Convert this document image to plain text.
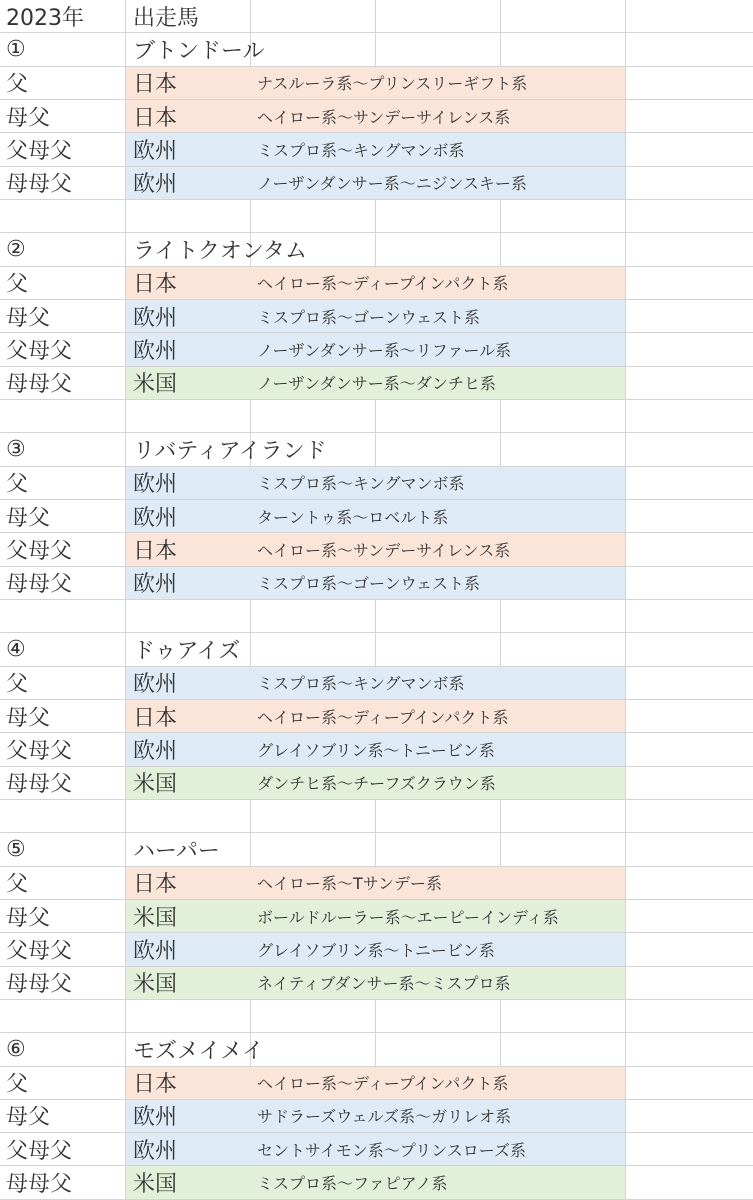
2023年	出走馬
①	ブトンドール
父	日本	ナスルーラ系〜プリンスリーギフト系
母父	日本	ヘイロー系〜サンデーサイレンス系
父母父	欧州	ミスプロ系〜キングマンボ系
母母父	欧州	ノーザンダンサー系〜ニジンスキー系
②	ライトクオンタム
父	日本	ヘイロー系〜ディープインパクト系
母父	欧州	ミスプロ系〜ゴーンウェスト系
父母父	欧州	ノーザンダンサー系〜リファール系
母母父	米国	ノーザンダンサー系〜ダンチヒ系
③	リバティアイランド
父	欧州	ミスプロ系〜キングマンボ系
母父	欧州	ターントゥ系〜ロベルト系
父母父	日本	ヘイロー系〜サンデーサイレンス系
母母父	欧州	ミスプロ系〜ゴーンウェスト系
④	ドゥアイズ
父	欧州	ミスプロ系〜キングマンボ系
母父	日本	ヘイロー系〜ディープインパクト系
父母父	欧州	グレイソブリン系〜トニービン系
母母父	米国	ダンチヒ系〜チーフズクラウン系
⑤	ハーパー
父	日本	ヘイロー系〜Tサンデー系
母父	米国	ボールドルーラー系〜エーピーインディ系
父母父	欧州	グレイソブリン系〜トニービン系
母母父	米国	ネイティブダンサー系〜ミスプロ系
⑥	モズメイメイ
父	日本	ヘイロー系〜ディープインパクト系
母父	欧州	サドラーズウェルズ系〜ガリレオ系
父母父	欧州	セントサイモン系〜プリンスローズ系
母母父	米国	ミスプロ系〜ファピアノ系
